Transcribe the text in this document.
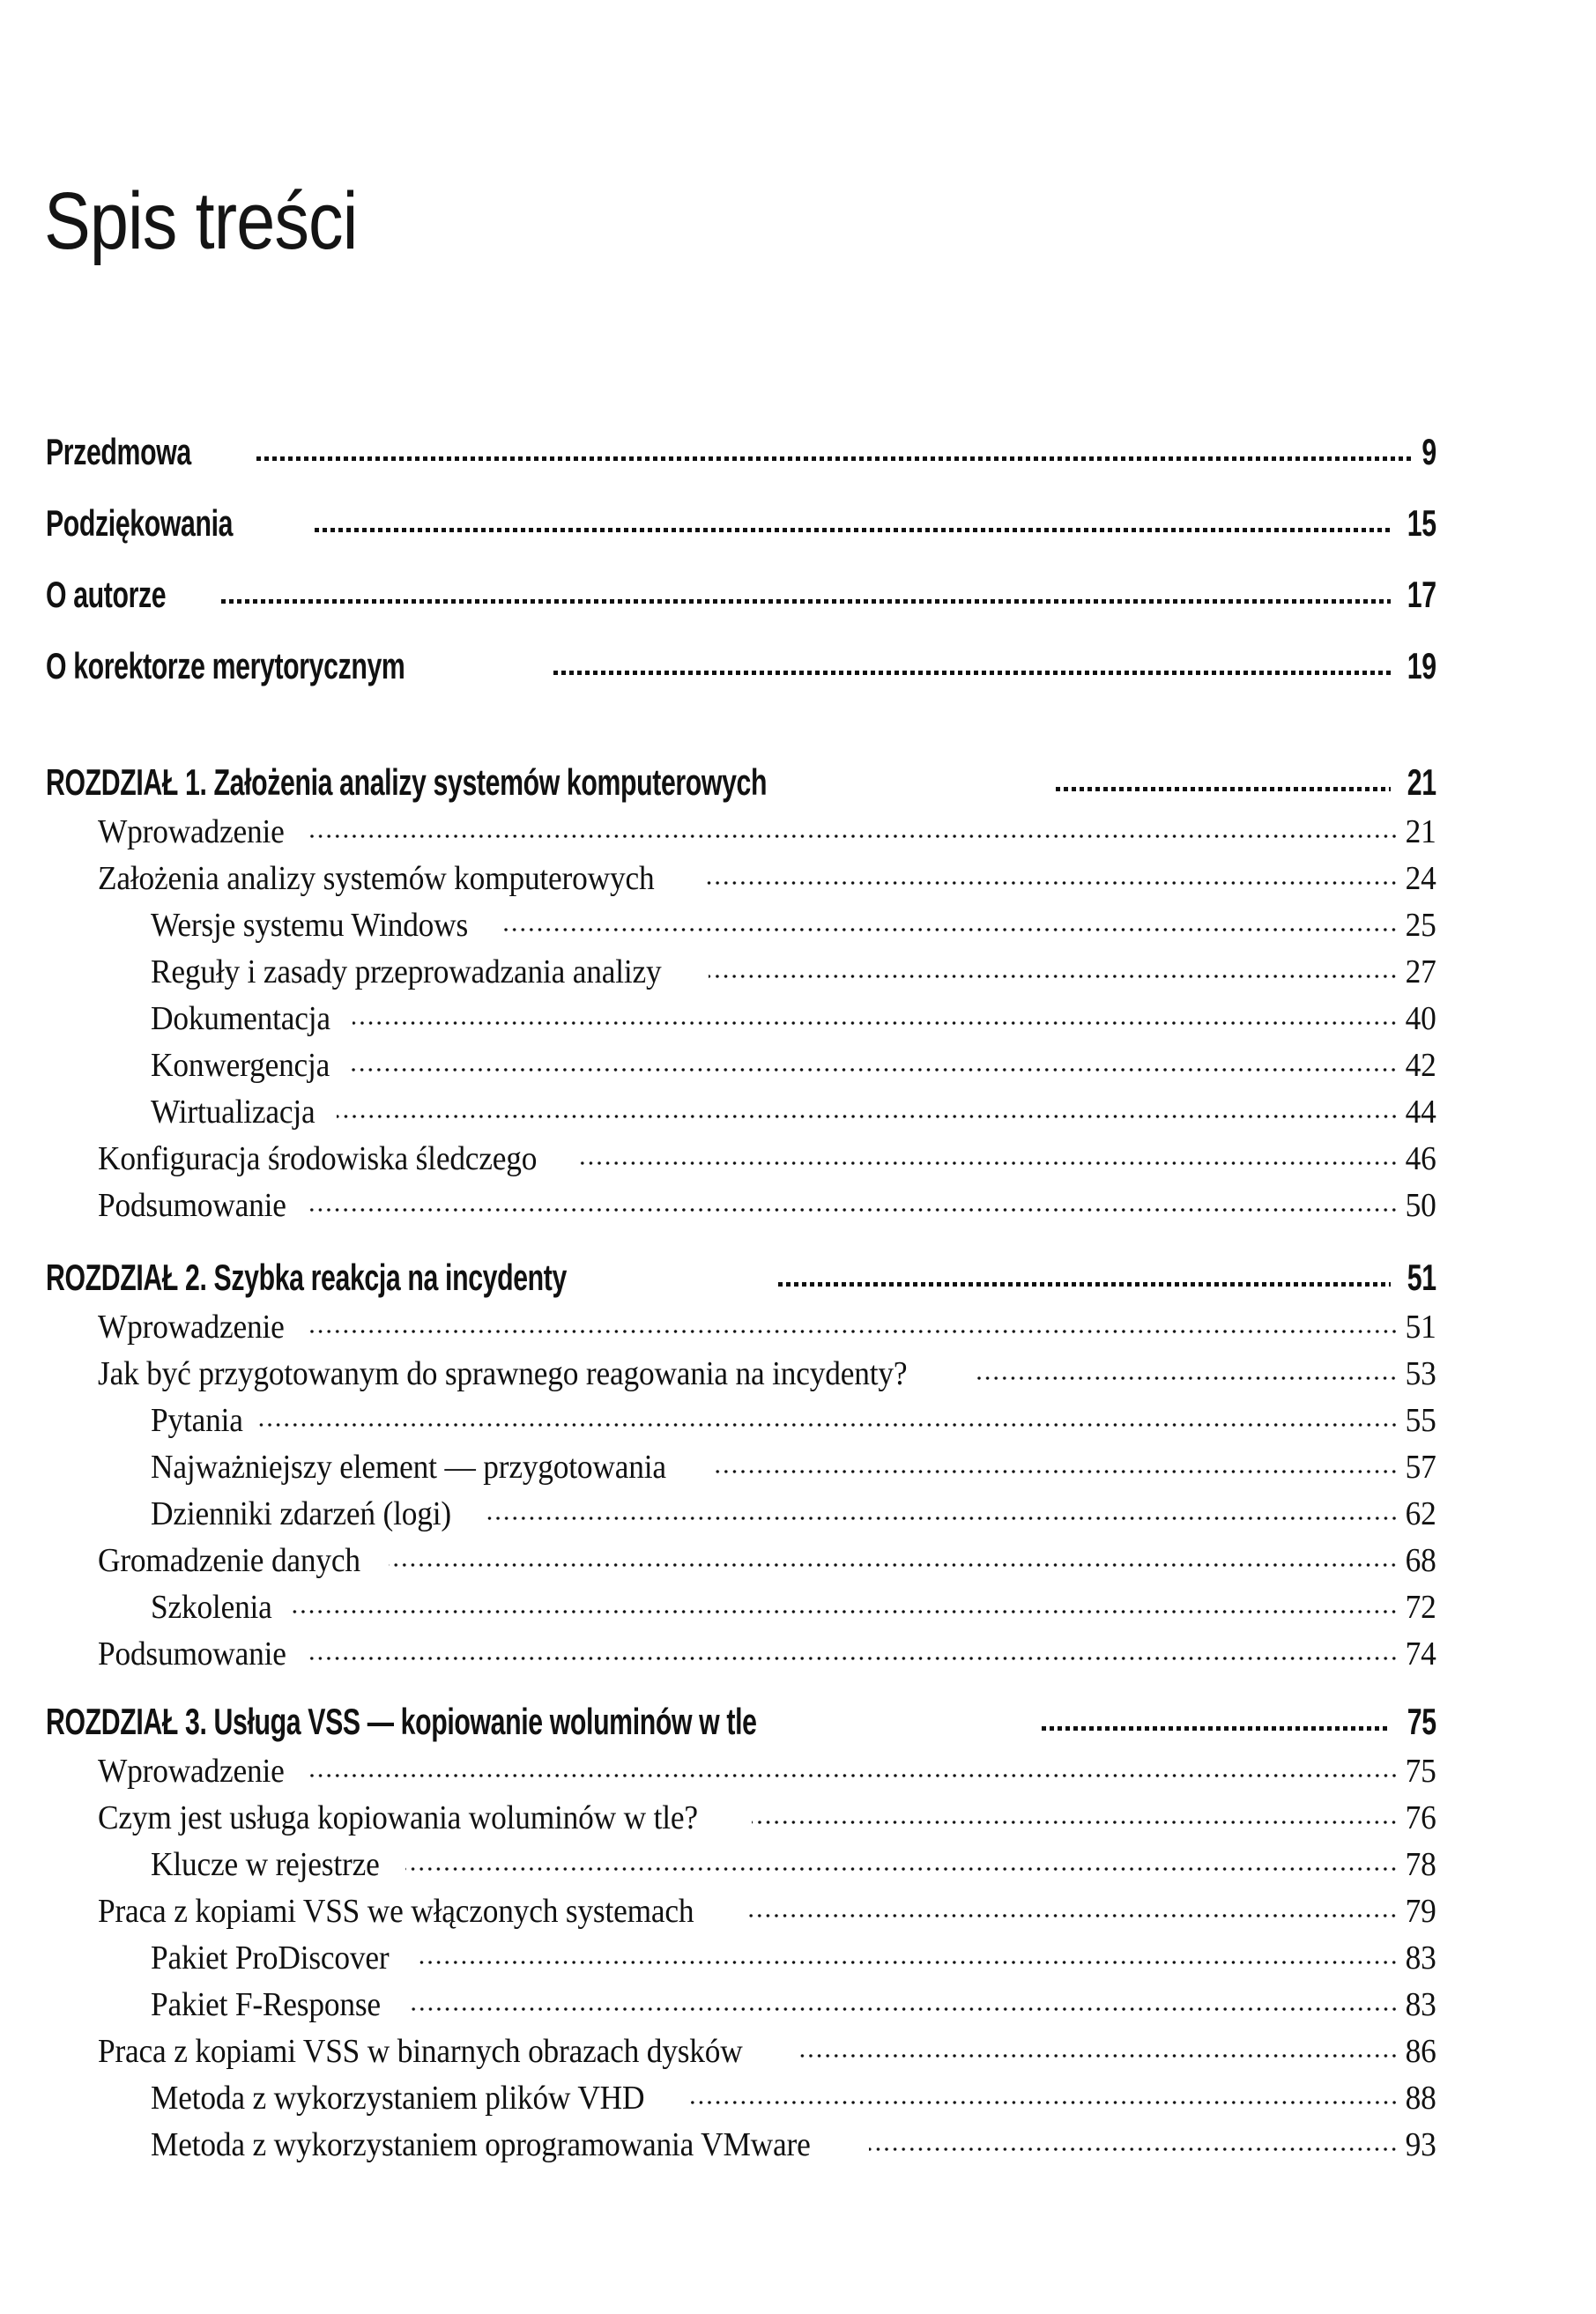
Spis treści
Przedmowa	9
Podziękowania	15
O autorze	17
O korektorze merytorycznym	19
ROZDZIAŁ 1. Założenia analizy systemów komputerowych	21
Wprowadzenie	21
Założenia analizy systemów komputerowych	24
Wersje systemu Windows	25
Reguły i zasady przeprowadzania analizy	27
Dokumentacja	40
Konwergencja	42
Wirtualizacja	44
Konfiguracja środowiska śledczego	46
Podsumowanie	50
ROZDZIAŁ 2. Szybka reakcja na incydenty	51
Wprowadzenie	51
Jak być przygotowanym do sprawnego reagowania na incydenty?	53
Pytania	55
Najważniejszy element — przygotowania	57
Dzienniki zdarzeń (logi)	62
Gromadzenie danych	68
Szkolenia	72
Podsumowanie	74
ROZDZIAŁ 3. Usługa VSS — kopiowanie woluminów w tle	75
Wprowadzenie	75
Czym jest usługa kopiowania woluminów w tle?	76
Klucze w rejestrze	78
Praca z kopiami VSS we włączonych systemach	79
Pakiet ProDiscover	83
Pakiet F-Response	83
Praca z kopiami VSS w binarnych obrazach dysków	86
Metoda z wykorzystaniem plików VHD	88
Metoda z wykorzystaniem oprogramowania VMware	93
